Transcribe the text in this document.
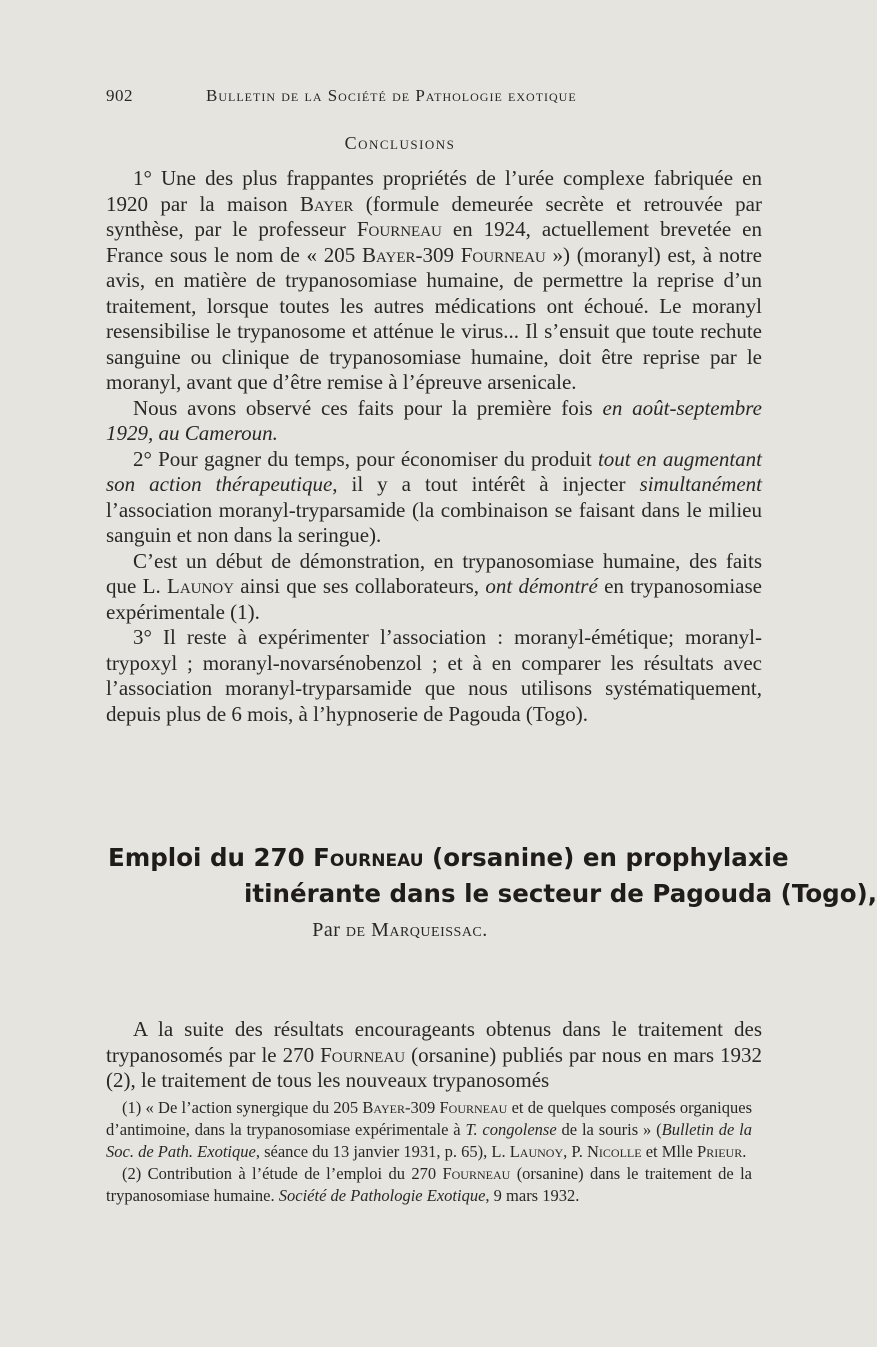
902	Bulletin de la Société de Pathologie exotique
Conclusions

1° Une des plus frappantes propriétés de l’urée complexe fabriquée en 1920 par la maison Bayer (formule demeurée secrète et retrouvée par synthèse, par le professeur Fourneau en 1924, actuellement brevetée en France sous le nom de « 205 Bayer-309 Fourneau ») (moranyl) est, à notre avis, en matière de trypanosomiase humaine, de permettre la reprise d’un traitement, lorsque toutes les autres médications ont échoué. Le moranyl resensibilise le trypanosome et atténue le virus... Il s’ensuit que toute rechute sanguine ou clinique de trypanosomiase humaine, doit être reprise par le moranyl, avant que d’être remise à l’épreuve arsenicale.

Nous avons observé ces faits pour la première fois en août-septembre 1929, au Cameroun.

2° Pour gagner du temps, pour économiser du produit tout en augmentant son action thérapeutique, il y a tout intérêt à injecter simultanément l’association moranyl-tryparsamide (la combinaison se faisant dans le milieu sanguin et non dans la seringue).

C’est un début de démonstration, en trypanosomiase humaine, des faits que L. Launoy ainsi que ses collaborateurs, ont démontré en trypanosomiase expérimentale (1).

3° Il reste à expérimenter l’association : moranyl-émétique; moranyl-trypoxyl ; moranyl-novarsénobenzol ; et à en comparer les résultats avec l’association moranyl-tryparsamide que nous utilisons systématiquement, depuis plus de 6 mois, à l’hypnoserie de Pagouda (Togo).

Emploi du 270 Fourneau (orsanine) en prophylaxie
itinérante dans le secteur de Pagouda (Togo),
Par de Marqueissac.

A la suite des résultats encourageants obtenus dans le traitement des trypanosomés par le 270 Fourneau (orsanine) publiés par nous en mars 1932 (2), le traitement de tous les nouveaux trypanosomés

(1) « De l’action synergique du 205 Bayer-309 Fourneau et de quelques composés organiques d’antimoine, dans la trypanosomiase expérimentale à T. congolense de la souris » (Bulletin de la Soc. de Path. Exotique, séance du 13 janvier 1931, p. 65), L. Launoy, P. Nicolle et Mlle Prieur.

(2) Contribution à l’étude de l’emploi du 270 Fourneau (orsanine) dans le traitement de la trypanosomiase humaine. Société de Pathologie Exotique, 9 mars 1932.
